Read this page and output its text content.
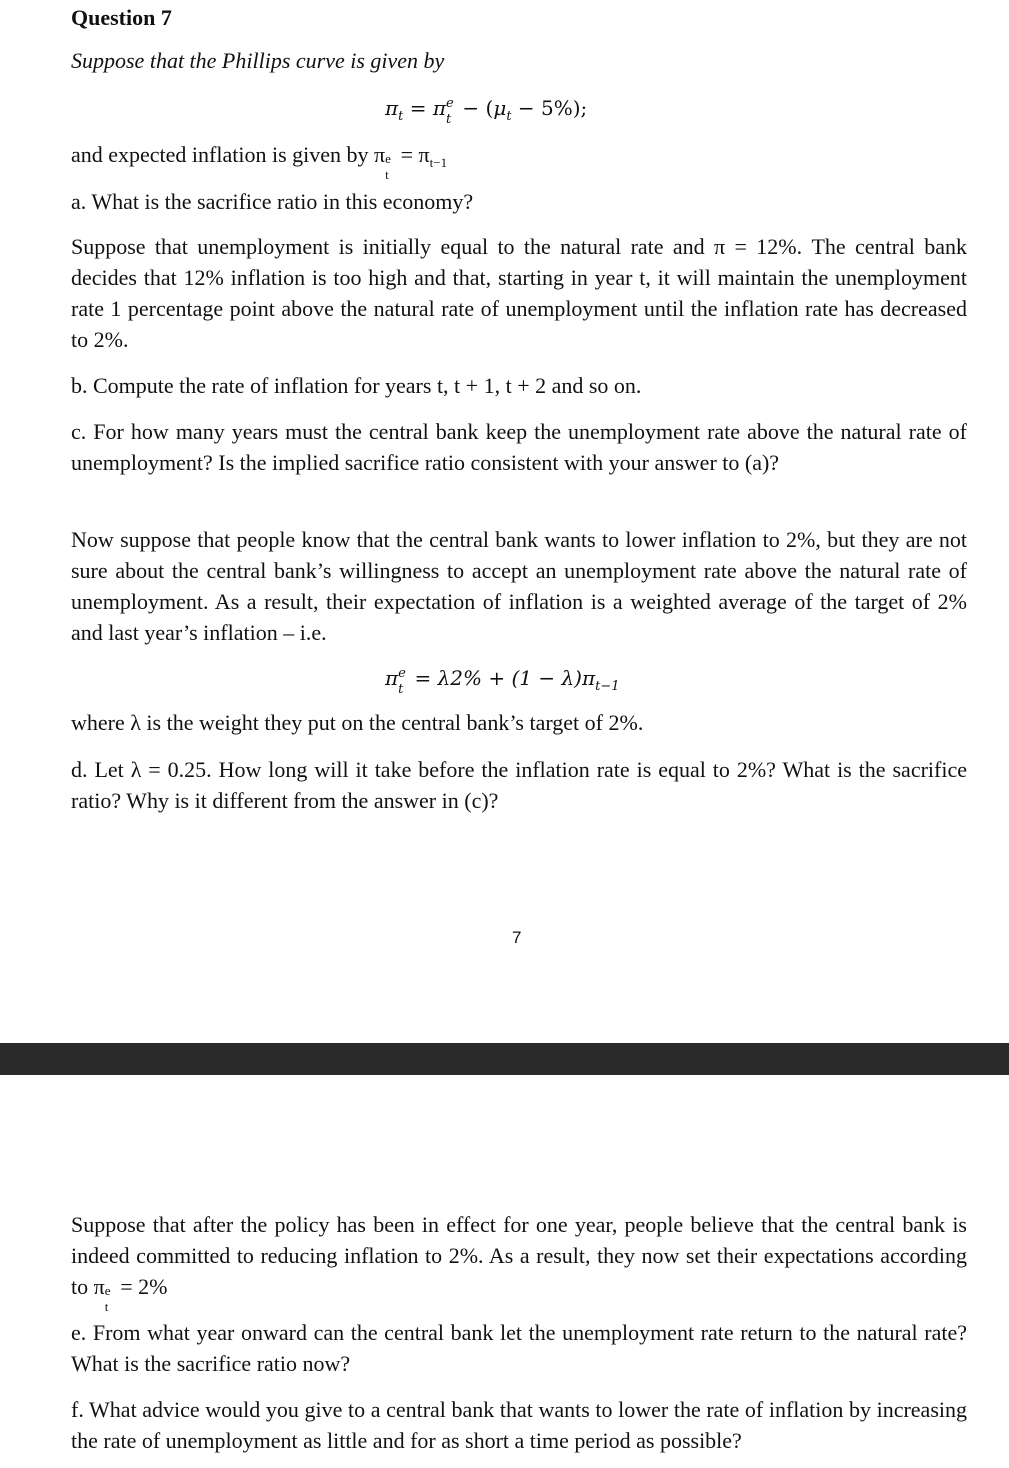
Question 7

Suppose that the Phillips curve is given by

$\pi_t = \pi$ e
$t - (\mu_t - 5\%)$;

and expected inflation is given by π e
t
= $\pi_{t-1}$

a. What is the sacrifice ratio in this economy?

Suppose that unemployment is initially equal to the natural rate and π = 12%. The central bank decides that 12% inflation is too high and that, starting in year t, it will maintain the unemployment rate 1 percentage point above the natural rate of unemployment until the inflation rate has decreased to 2%.

b. Compute the rate of inflation for years t, t + 1, t + 2 and so on.

c. For how many years must the central bank keep the unemployment rate above the natural rate of unemployment? Is the implied sacrifice ratio consistent with your answer to (a)?

Now suppose that people know that the central bank wants to lower inflation to 2%, but they are not sure about the central bank’s willingness to accept an unemployment rate above the natural rate of unemployment. As a result, their expectation of inflation is a weighted average of the target of 2% and last year’s inflation – i.e.

π e
$t = \lambda 2\% + (1 - \lambda)\pi_{t-1}$

where λ is the weight they put on the central bank’s target of 2%.

d. Let λ = 0.25. How long will it take before the inflation rate is equal to 2%? What is the sacrifice ratio? Why is it different from the answer in (c)?

7

Suppose that after the policy has been in effect for one year, people believe that the central bank is indeed committed to reducing inflation to 2%. As a result, they now set their expectations according to π e
t
= 2%

e. From what year onward can the central bank let the unemployment rate return to the natural rate? What is the sacrifice ratio now?

f. What advice would you give to a central bank that wants to lower the rate of inflation by increasing the rate of unemployment as little and for as short a time period as possible?
